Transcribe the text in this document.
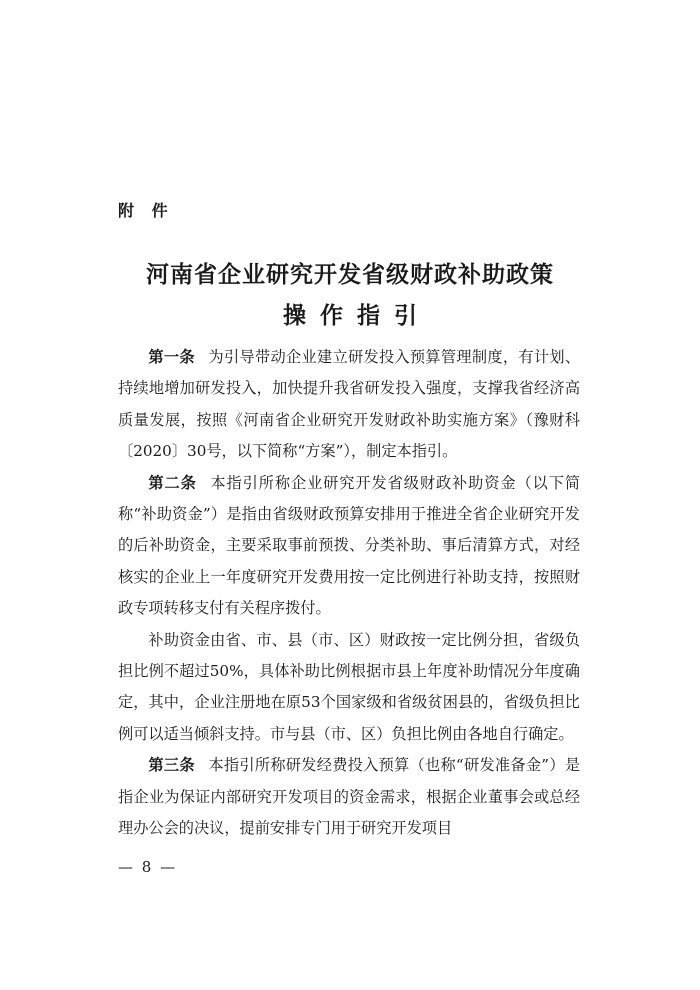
附 件
河南省企业研究开发省级财政补助政策
操作指引

第一条 为引导带动企业建立研发投入预算管理制度，有计划、持续地增加研发投入，加快提升我省研发投入强度，支撑我省经济高质量发展，按照《河南省企业研究开发财政补助实施方案》（豫财科〔2020〕30号，以下简称“方案”），制定本指引。

第二条 本指引所称企业研究开发省级财政补助资金（以下简称“补助资金”）是指由省级财政预算安排用于推进全省企业研究开发的后补助资金，主要采取事前预拨、分类补助、事后清算方式，对经核实的企业上一年度研究开发费用按一定比例进行补助支持，按照财政专项转移支付有关程序拨付。

补助资金由省、市、县（市、区）财政按一定比例分担，省级负担比例不超过50%，具体补助比例根据市县上年度补助情况分年度确定，其中，企业注册地在原53个国家级和省级贫困县的，省级负担比例可以适当倾斜支持。市与县（市、区）负担比例由各地自行确定。

第三条 本指引所称研发经费投入预算（也称“研发准备金”）是指企业为保证内部研究开发项目的资金需求，根据企业董事会或总经理办公会的决议，提前安排专门用于研究开发项目

— 8 —
